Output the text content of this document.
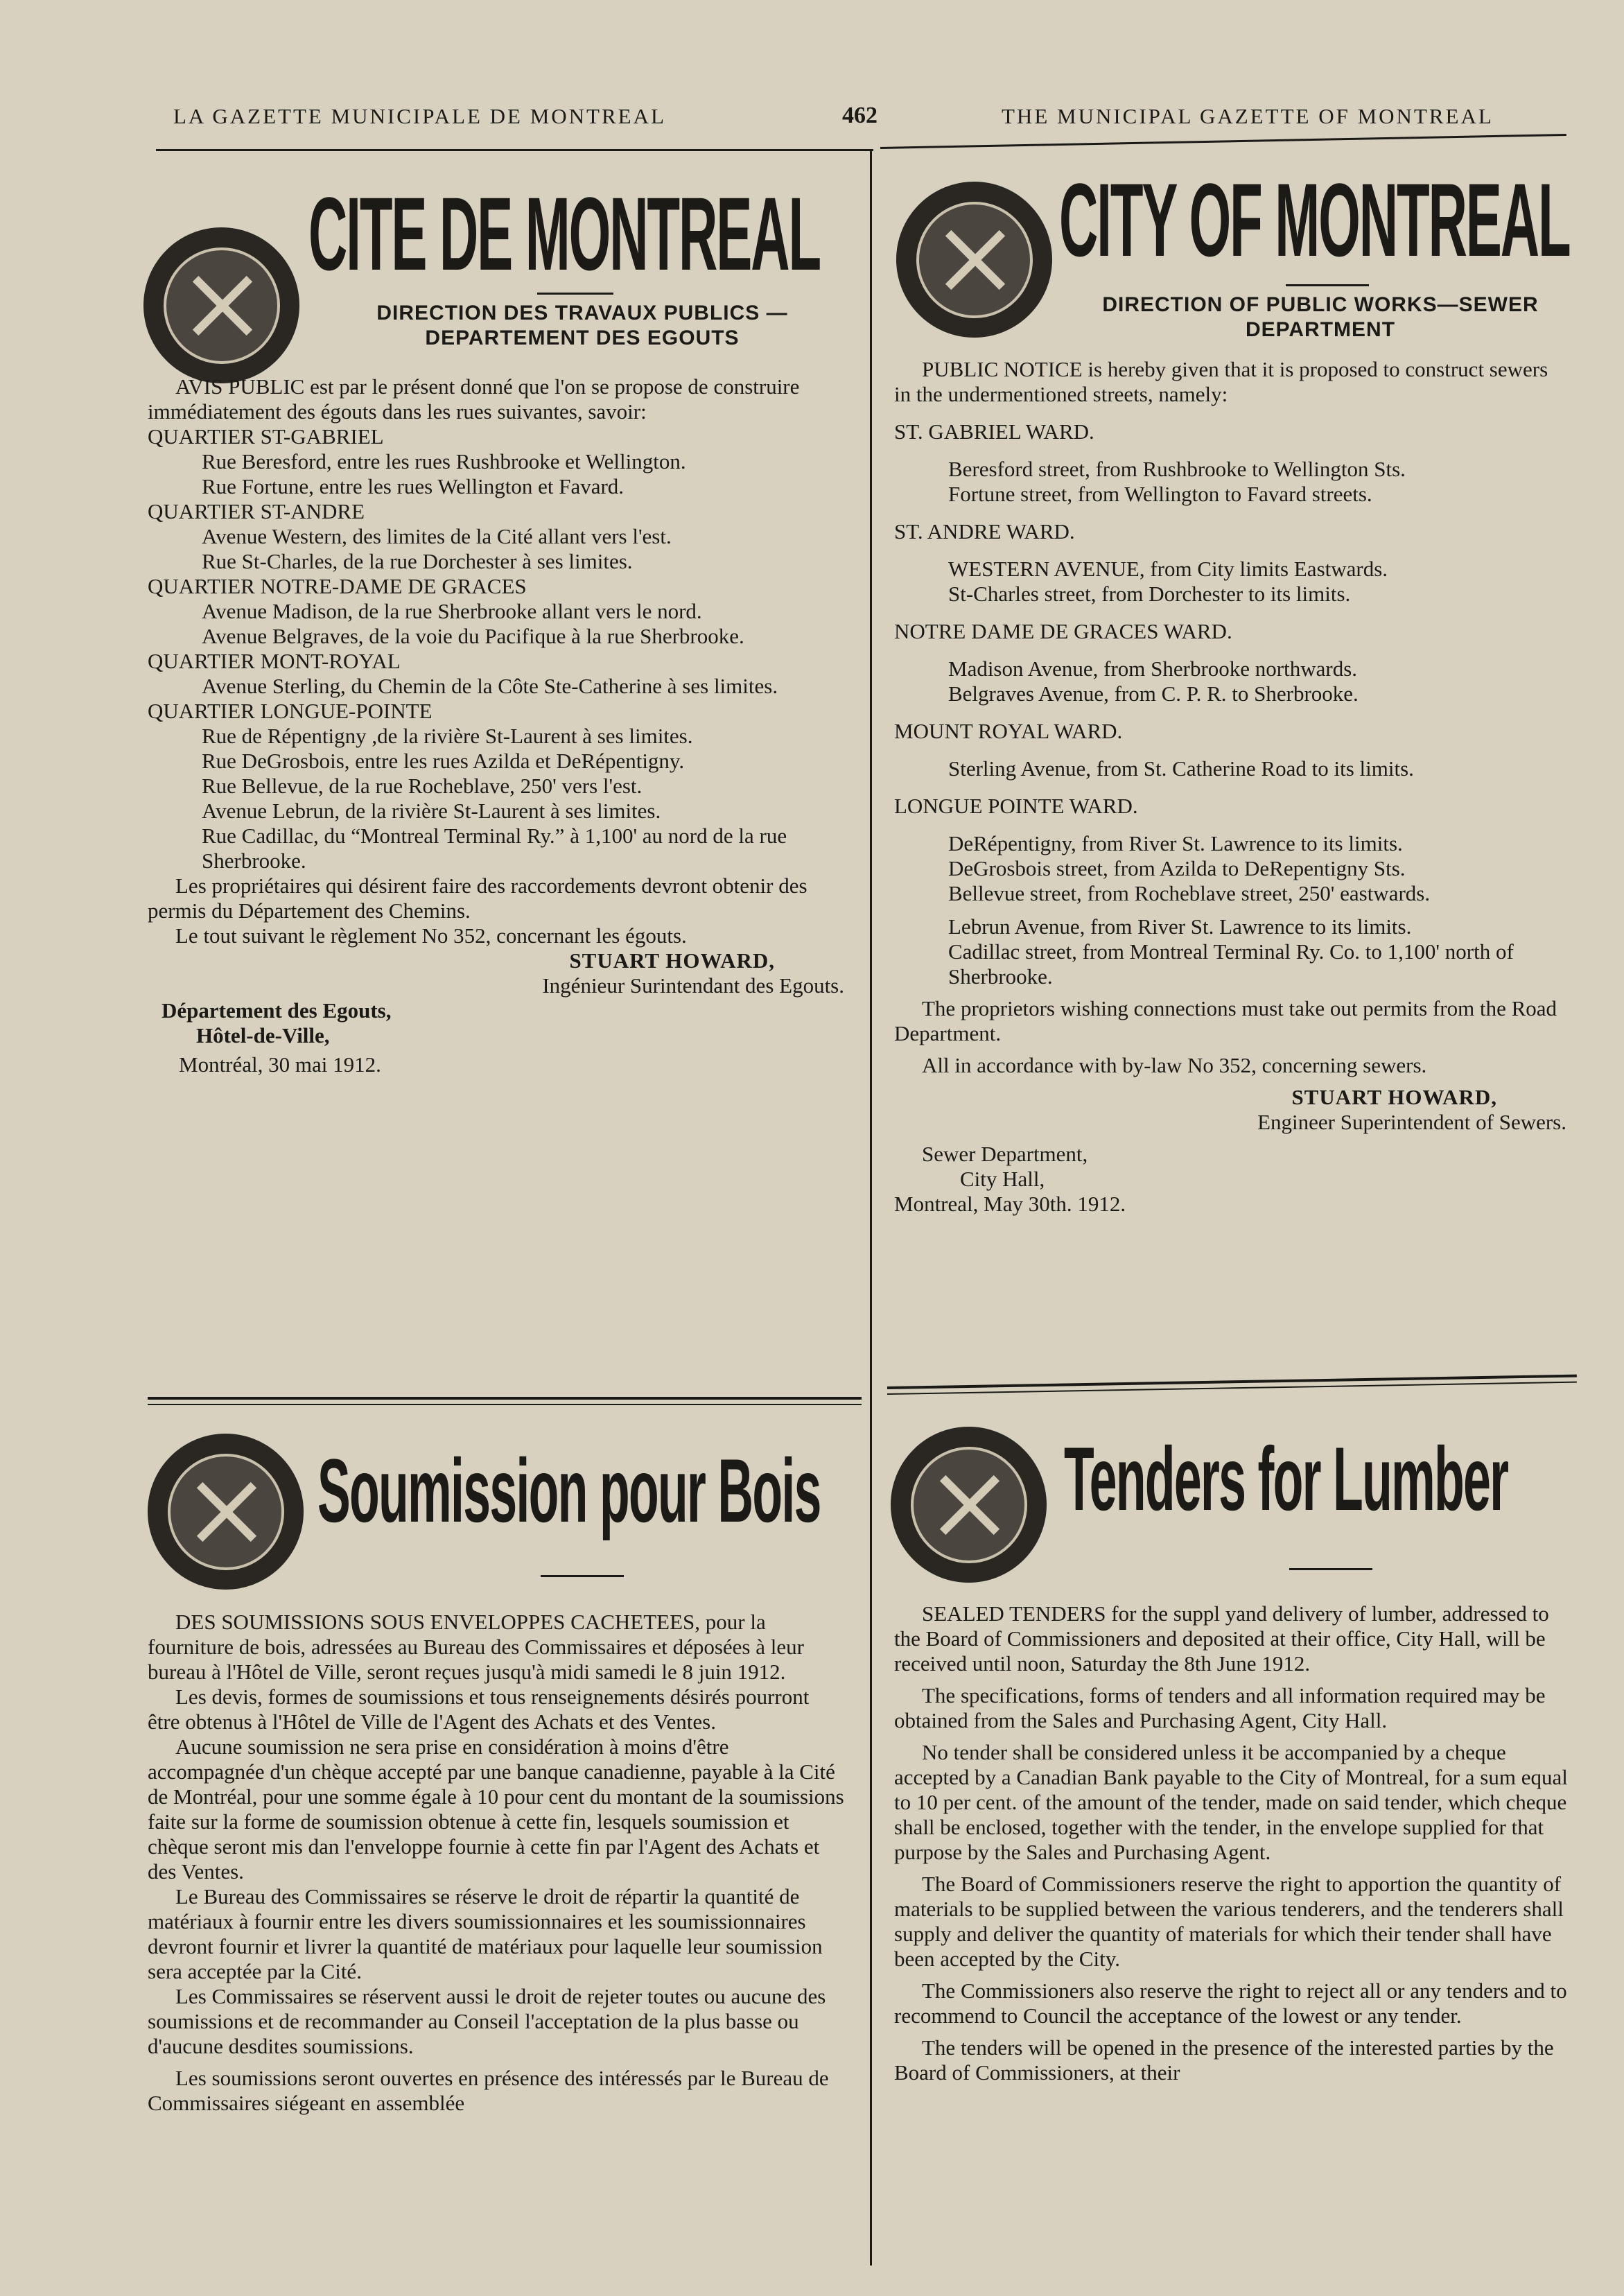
LA GAZETTE MUNICIPALE DE MONTREAL	462	THE MUNICIPAL GAZETTE OF MONTREAL
CITE DE MONTREAL
DIRECTION DES TRAVAUX PUBLICS —
DEPARTEMENT DES EGOUTS

AVIS PUBLIC est par le présent donné que l'on se propose de construire immédiatement des égouts dans les rues suivantes, savoir:

QUARTIER ST-GABRIEL

Rue Beresford, entre les rues Rushbrooke et Wellington.

Rue Fortune, entre les rues Wellington et Favard.

QUARTIER ST-ANDRE

Avenue Western, des limites de la Cité allant vers l'est.

Rue St-Charles, de la rue Dorchester à ses limites.

QUARTIER NOTRE-DAME DE GRACES

Avenue Madison, de la rue Sherbrooke allant vers le nord.

Avenue Belgraves, de la voie du Pacifique à la rue Sherbrooke.

QUARTIER MONT-ROYAL

Avenue Sterling, du Chemin de la Côte Ste-Catherine à ses limites.

QUARTIER LONGUE-POINTE

Rue de Répentigny ,de la rivière St-Laurent à ses limites.

Rue DeGrosbois, entre les rues Azilda et DeRépentigny.

Rue Bellevue, de la rue Rocheblave, 250' vers l'est.

Avenue Lebrun, de la rivière St-Laurent à ses limites.

Rue Cadillac, du “Montreal Terminal Ry.” à 1,100' au nord de la rue Sherbrooke.

Les propriétaires qui désirent faire des raccordements devront obtenir des permis du Département des Chemins.

Le tout suivant le règlement No 352, concernant les égouts.

STUART HOWARD,

Ingénieur Surintendant des Egouts.

Département des Egouts,

Hôtel-de-Ville,

Montréal, 30 mai 1912.

CITY OF MONTREAL
DIRECTION OF PUBLIC WORKS—SEWER
DEPARTMENT

PUBLIC NOTICE is hereby given that it is proposed to construct sewers in the undermentioned streets, namely:

ST. GABRIEL WARD.

Beresford street, from Rushbrooke to Wellington Sts.

Fortune street, from Wellington to Favard streets.

ST. ANDRE WARD.

WESTERN AVENUE, from City limits Eastwards.

St-Charles street, from Dorchester to its limits.

NOTRE DAME DE GRACES WARD.

Madison Avenue, from Sherbrooke northwards.

Belgraves Avenue, from C. P. R. to Sherbrooke.

MOUNT ROYAL WARD.

Sterling Avenue, from St. Catherine Road to its limits.

LONGUE POINTE WARD.

DeRépentigny, from River St. Lawrence to its limits.

DeGrosbois street, from Azilda to DeRepentigny Sts.

Bellevue street, from Rocheblave street, 250' eastwards.

Lebrun Avenue, from River St. Lawrence to its limits.

Cadillac street, from Montreal Terminal Ry. Co. to 1,100' north of Sherbrooke.

The proprietors wishing connections must take out permits from the Road Department.

All in accordance with by-law No 352, concerning sewers.

STUART HOWARD,

Engineer Superintendent of Sewers.

Sewer Department,

City Hall,

Montreal, May 30th. 1912.

Soumission pour Bois

DES SOUMISSIONS SOUS ENVELOPPES CACHETEES, pour la fourniture de bois, adressées au Bureau des Commissaires et déposées à leur bureau à l'Hôtel de Ville, seront reçues jusqu'à midi samedi le 8 juin 1912.

Les devis, formes de soumissions et tous renseignements désirés pourront être obtenus à l'Hôtel de Ville de l'Agent des Achats et des Ventes.

Aucune soumission ne sera prise en considération à moins d'être accompagnée d'un chèque accepté par une banque canadienne, payable à la Cité de Montréal, pour une somme égale à 10 pour cent du montant de la soumissions faite sur la forme de soumission obtenue à cette fin, lesquels soumission et chèque seront mis dan l'enveloppe fournie à cette fin par l'Agent des Achats et des Ventes.

Le Bureau des Commissaires se réserve le droit de répartir la quantité de matériaux à fournir entre les divers soumissionnaires et les soumissionnaires devront fournir et livrer la quantité de matériaux pour laquelle leur soumission sera acceptée par la Cité.

Les Commissaires se réservent aussi le droit de rejeter toutes ou aucune des soumissions et de recommander au Conseil l'acceptation de la plus basse ou d'aucune desdites soumissions.

Les soumissions seront ouvertes en présence des intéressés par le Bureau de Commissaires siégeant en assemblée

Tenders for Lumber

SEALED TENDERS for the suppl yand delivery of lumber, addressed to the Board of Commissioners and deposited at their office, City Hall, will be received until noon, Saturday the 8th June 1912.

The specifications, forms of tenders and all information required may be obtained from the Sales and Purchasing Agent, City Hall.

No tender shall be considered unless it be accompanied by a cheque accepted by a Canadian Bank payable to the City of Montreal, for a sum equal to 10 per cent. of the amount of the tender, made on said tender, which cheque shall be enclosed, together with the tender, in the envelope supplied for that purpose by the Sales and Purchasing Agent.

The Board of Commissioners reserve the right to apportion the quantity of materials to be supplied between the various tenderers, and the tenderers shall supply and deliver the quantity of materials for which their tender shall have been accepted by the City.

The Commissioners also reserve the right to reject all or any tenders and to recommend to Council the acceptance of the lowest or any tender.

The tenders will be opened in the presence of the interested parties by the Board of Commissioners, at their
